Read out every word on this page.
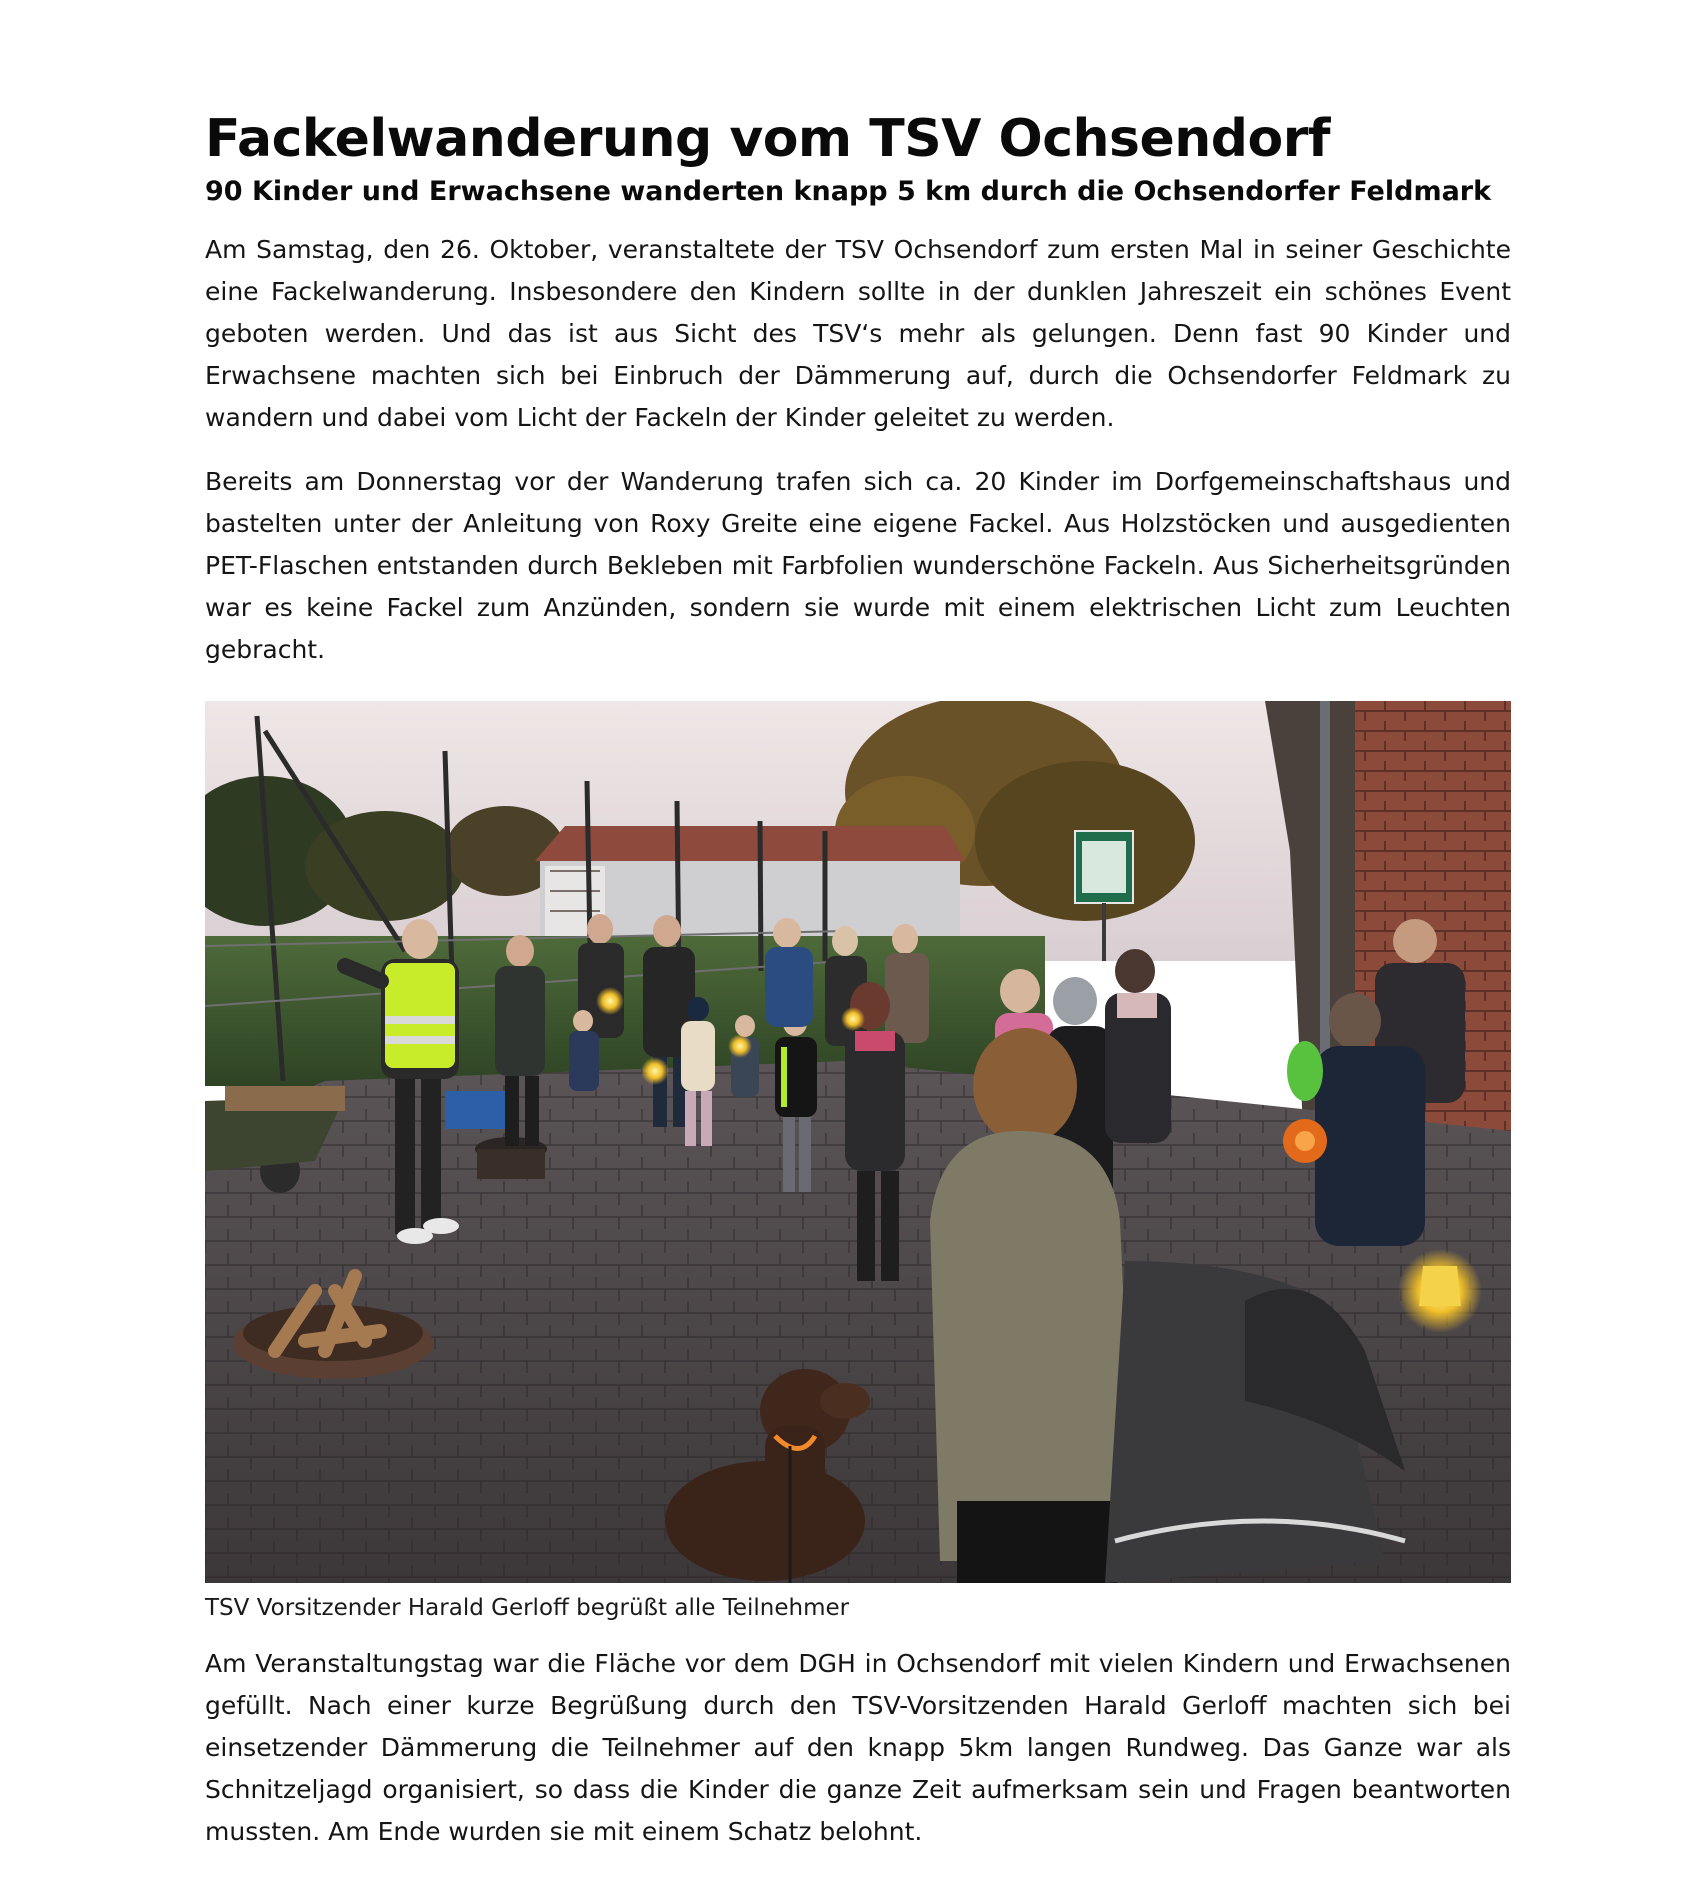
Fackelwanderung vom TSV Ochsendorf
90 Kinder und Erwachsene wanderten knapp 5 km durch die Ochsendorfer Feldmark

Am Samstag, den 26. Oktober, veranstaltete der TSV Ochsendorf zum ersten Mal in seiner Geschichte eine Fackelwanderung. Insbesondere den Kindern sollte in der dunklen Jahreszeit ein schönes Event geboten werden. Und das ist aus Sicht des TSV‘s mehr als gelungen. Denn fast 90 Kinder und Erwachsene machten sich bei Einbruch der Dämmerung auf, durch die Ochsendorfer Feldmark zu wandern und dabei vom Licht der Fackeln der Kinder geleitet zu werden.

Bereits am Donnerstag vor der Wanderung trafen sich ca. 20 Kinder im Dorfgemeinschaftshaus und bastelten unter der Anleitung von Roxy Greite eine eigene Fackel. Aus Holzstöcken und ausgedienten PET-Flaschen entstanden durch Bekleben mit Farbfolien wunderschöne Fackeln. Aus Sicherheitsgründen war es keine Fackel zum Anzünden, sondern sie wurde mit einem elektrischen Licht zum Leuchten gebracht.

TSV Vorsitzender Harald Gerloff begrüßt alle Teilnehmer

Am Veranstaltungstag war die Fläche vor dem DGH in Ochsendorf mit vielen Kindern und Erwachsenen gefüllt. Nach einer kurze Begrüßung durch den TSV-Vorsitzenden Harald Gerloff machten sich bei einsetzender Dämmerung die Teilnehmer auf den knapp 5km langen Rundweg. Das Ganze war als Schnitzeljagd organisiert, so dass die Kinder die ganze Zeit aufmerksam sein und Fragen beantworten mussten. Am Ende wurden sie mit einem Schatz belohnt.
